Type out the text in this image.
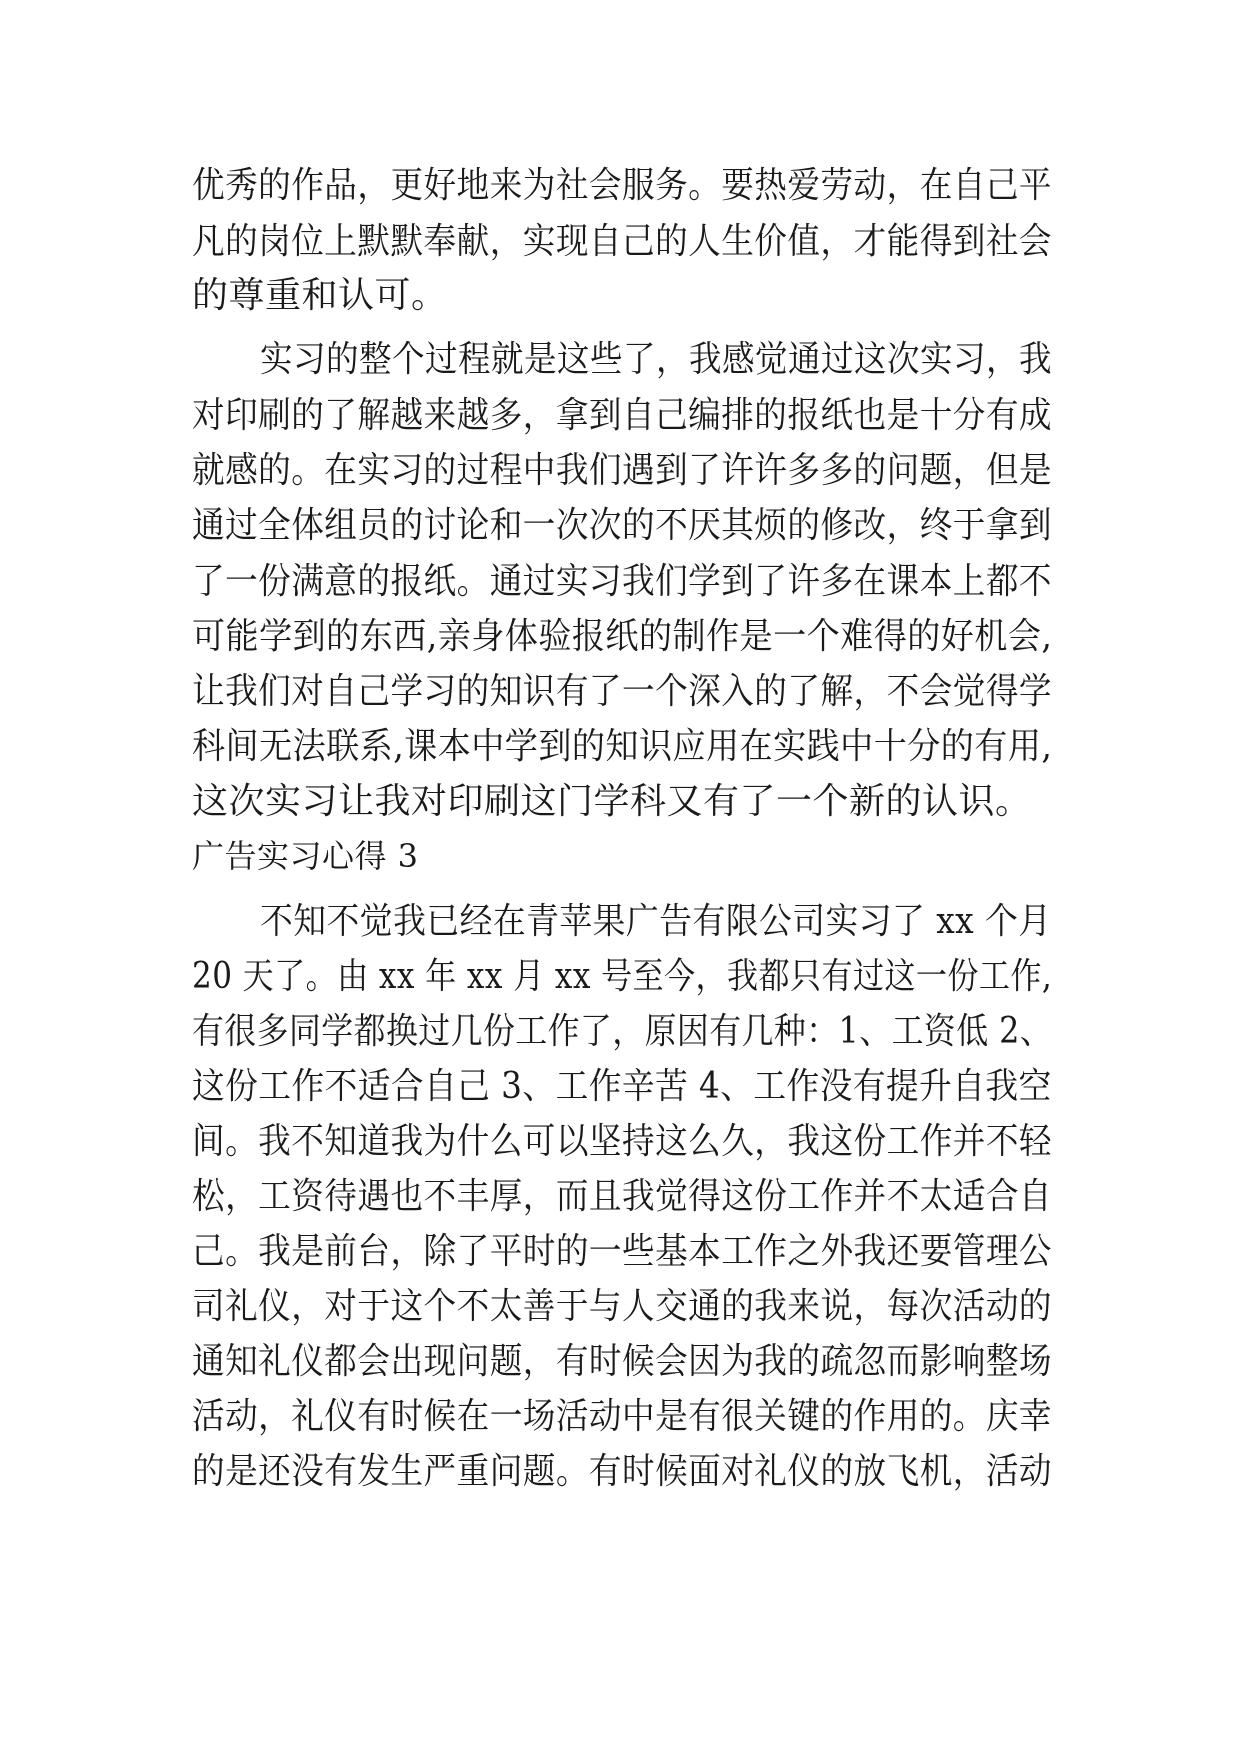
优秀的作品，更好地来为社会服务。要热爱劳动，在自己平
凡的岗位上默默奉献，实现自己的人生价值，才能得到社会
的尊重和认可。
实习的整个过程就是这些了，我感觉通过这次实习，我
对印刷的了解越来越多，拿到自己编排的报纸也是十分有成
就感的。在实习的过程中我们遇到了许许多多的问题，但是
通过全体组员的讨论和一次次的不厌其烦的修改，终于拿到
了一份满意的报纸。通过实习我们学到了许多在课本上都不
可能学到的东西,亲身体验报纸的制作是一个难得的好机会,
让我们对自己学习的知识有了一个深入的了解，不会觉得学
科间无法联系,课本中学到的知识应用在实践中十分的有用,
这次实习让我对印刷这门学科又有了一个新的认识。
广告实习心得 3
不知不觉我已经在青苹果广告有限公司实习了 xx 个月
20 天了。由 xx 年 xx 月 xx 号至今，我都只有过这一份工作,
有很多同学都换过几份工作了，原因有几种：1、工资低 2、
这份工作不适合自己 3、工作辛苦 4、工作没有提升自我空
间。我不知道我为什么可以坚持这么久，我这份工作并不轻
松，工资待遇也不丰厚，而且我觉得这份工作并不太适合自
己。我是前台，除了平时的一些基本工作之外我还要管理公
司礼仪，对于这个不太善于与人交通的我来说，每次活动的
通知礼仪都会出现问题，有时候会因为我的疏忽而影响整场
活动，礼仪有时候在一场活动中是有很关键的作用的。庆幸
的是还没有发生严重问题。有时候面对礼仪的放飞机，活动
